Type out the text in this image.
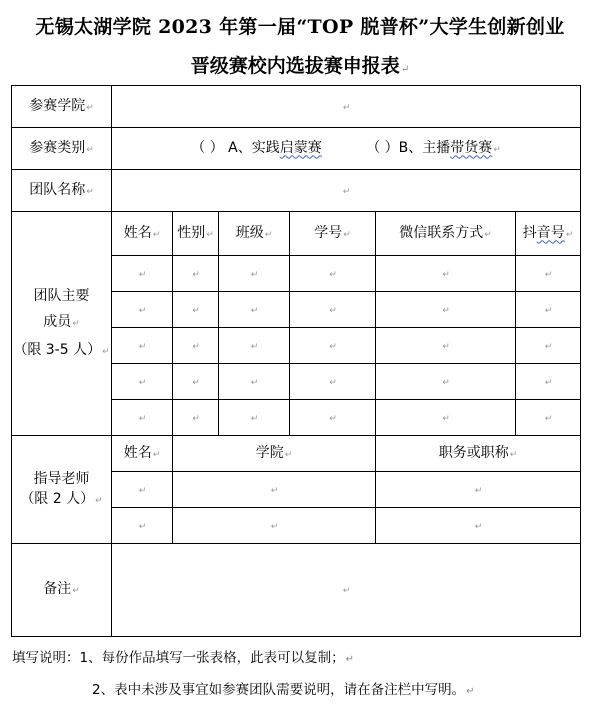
无锡太湖学院 2023 年第一届“TOP 脱普杯”大学生创新创业
晋级赛校内选拔赛申报表↵
参赛学院↵	↵					
参赛类别↵	（ ） A、实践启蒙赛 （ ）B、主播带货赛↵					
团队名称↵	↵					

团队主要
成员↵
（限 3-5 人）↵	姓名↵	性别↵	班级↵	学号↵	微信联系方式↵	抖音号↵
	↵	↵	↵	↵	↵	↵
	↵	↵	↵	↵	↵	↵
	↵	↵	↵	↵	↵	↵
	↵	↵	↵	↵	↵	↵
	↵	↵	↵	↵	↵	↵

指导老师
（限 2 人）↵	姓名↵	学院↵			职务或职称↵	
	↵	↵			↵	
	↵	↵			↵	
备注↵	↵					
填写说明：1、每份作品填写一张表格，此表可以复制；↵
2、表中未涉及事宜如参赛团队需要说明，请在备注栏中写明。↵
